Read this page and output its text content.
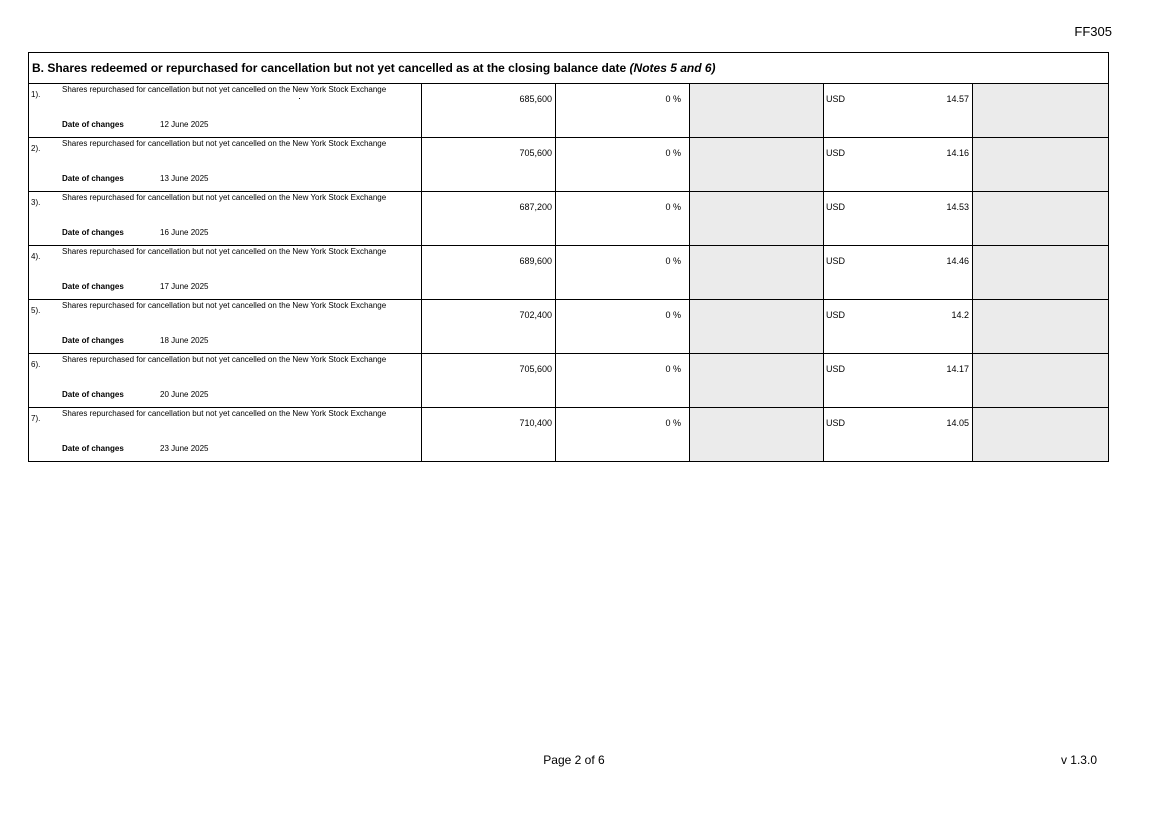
FF305
B. Shares redeemed or repurchased for cancellation but not yet cancelled as at the closing balance date (Notes 5 and 6)
1).
Shares repurchased for cancellation but not yet cancelled on the New York Stock Exchange
Date of changes	12 June 2025
685,600	0 %	USD	14.57
2).
Shares repurchased for cancellation but not yet cancelled on the New York Stock Exchange
Date of changes	13 June 2025
705,600	0 %	USD	14.16
3).
Shares repurchased for cancellation but not yet cancelled on the New York Stock Exchange
Date of changes	16 June 2025
687,200	0 %	USD	14.53
4).
Shares repurchased for cancellation but not yet cancelled on the New York Stock Exchange
Date of changes	17 June 2025
689,600	0 %	USD	14.46
5).
Shares repurchased for cancellation but not yet cancelled on the New York Stock Exchange
Date of changes	18 June 2025
702,400	0 %	USD	14.2
6).
Shares repurchased for cancellation but not yet cancelled on the New York Stock Exchange
Date of changes	20 June 2025
705,600	0 %	USD	14.17
7).
Shares repurchased for cancellation but not yet cancelled on the New York Stock Exchange
Date of changes	23 June 2025
710,400	0 %	USD	14.05
Page 2 of 6	v 1.3.0
